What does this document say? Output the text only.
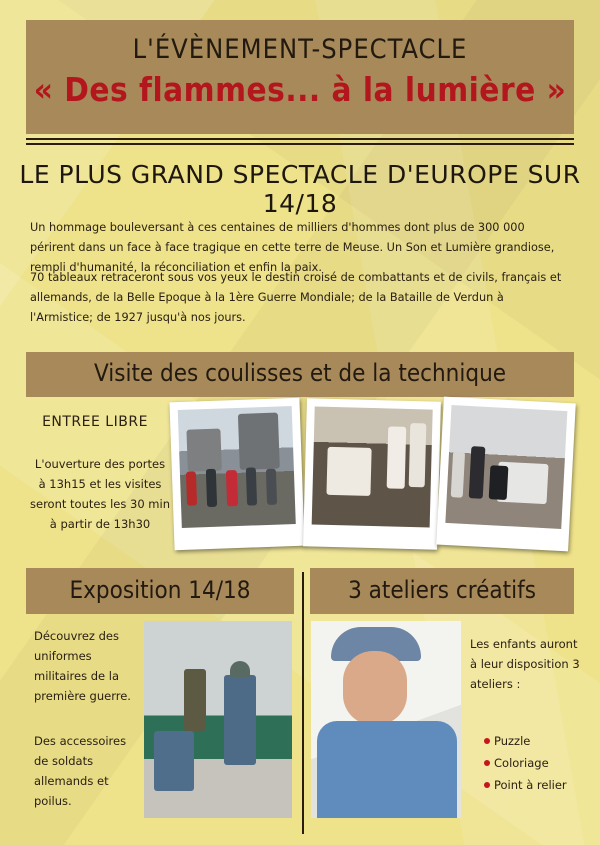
L'ÉVÈNEMENT-SPECTACLE
« Des flammes... à la lumière »
LE PLUS GRAND SPECTACLE D'EUROPE SUR 14/18

Un hommage bouleversant à ces centaines de milliers d'hommes dont plus de 300 000 périrent dans un face à face tragique en cette terre de Meuse. Un Son et Lumière grandiose, rempli d'humanité, la réconciliation et enfin la paix.

70 tableaux retraceront sous vos yeux le destin croisé de combattants et de civils, français et allemands, de la Belle Epoque à la 1ère Guerre Mondiale; de la Bataille de Verdun à l'Armistice; de 1927 jusqu'à nos jours.

Visite des coulisses et de la technique
ENTREE LIBRE
L'ouverture des portes à 13h15 et les visites seront toutes les 30 min à partir de 13h30
Exposition 14/18	3 ateliers créatifs
Découvrez des uniformes militaires de la première guerre.
Des accessoires de soldats allemands et poilus.
Les enfants auront à leur disposition 3 ateliers :
Puzzle
Coloriage
Point à relier
